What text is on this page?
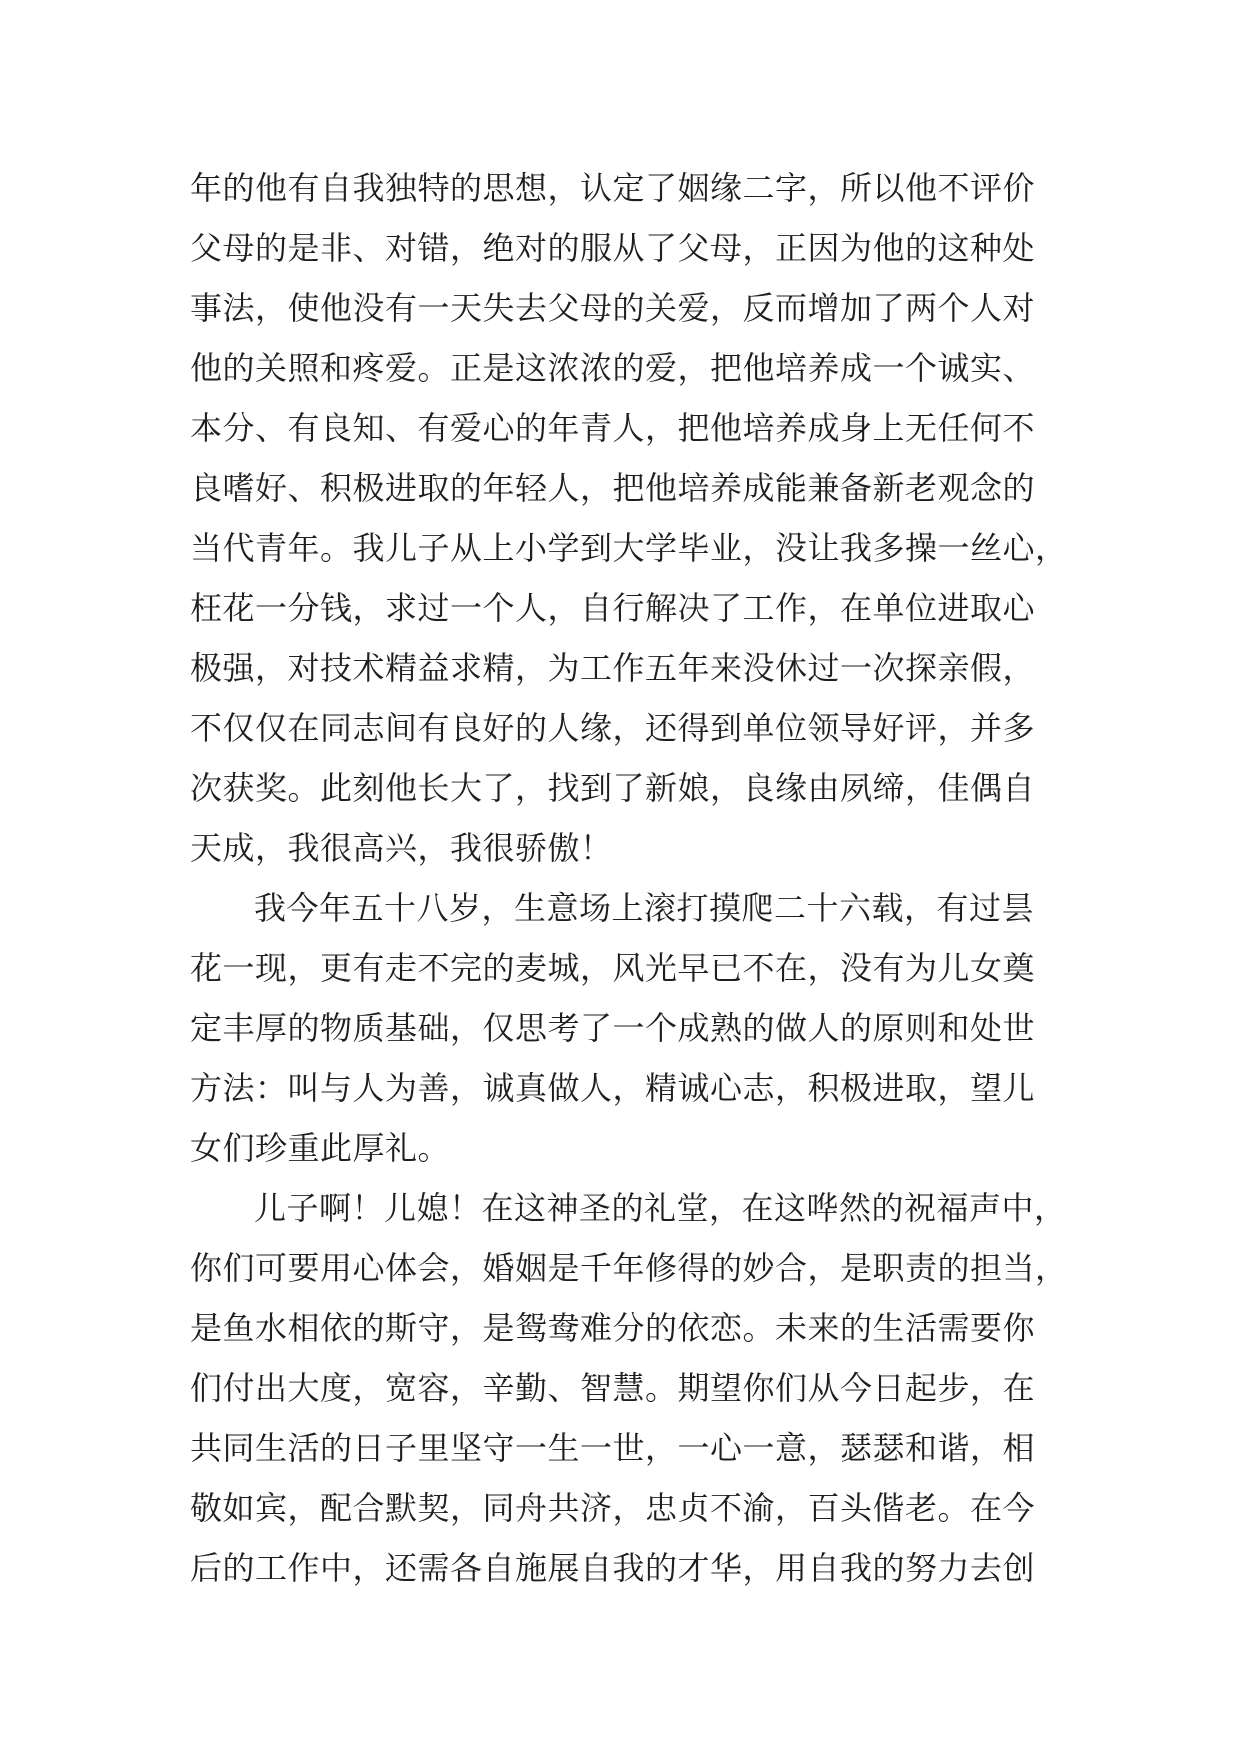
年的他有自我独特的思想，认定了姻缘二字，所以他不评价
父母的是非、对错，绝对的服从了父母，正因为他的这种处
事法，使他没有一天失去父母的关爱，反而增加了两个人对
他的关照和疼爱。正是这浓浓的爱，把他培养成一个诚实、
本分、有良知、有爱心的年青人，把他培养成身上无任何不
良嗜好、积极进取的年轻人，把他培养成能兼备新老观念的
当代青年。我儿子从上小学到大学毕业，没让我多操一丝心，
枉花一分钱，求过一个人，自行解决了工作，在单位进取心
极强，对技术精益求精，为工作五年来没休过一次探亲假，
不仅仅在同志间有良好的人缘，还得到单位领导好评，并多
次获奖。此刻他长大了，找到了新娘，良缘由夙缔，佳偶自
天成，我很高兴，我很骄傲！
我今年五十八岁，生意场上滚打摸爬二十六载，有过昙
花一现，更有走不完的麦城，风光早已不在，没有为儿女奠
定丰厚的物质基础，仅思考了一个成熟的做人的原则和处世
方法：叫与人为善，诚真做人，精诚心志，积极进取，望儿
女们珍重此厚礼。
儿子啊！儿媳！在这神圣的礼堂，在这哗然的祝福声中，
你们可要用心体会，婚姻是千年修得的妙合，是职责的担当，
是鱼水相依的斯守，是鸳鸯难分的依恋。未来的生活需要你
们付出大度，宽容，辛勤、智慧。期望你们从今日起步，在
共同生活的日子里坚守一生一世，一心一意，瑟瑟和谐，相
敬如宾，配合默契，同舟共济，忠贞不渝，百头偕老。在今
后的工作中，还需各自施展自我的才华，用自我的努力去创
